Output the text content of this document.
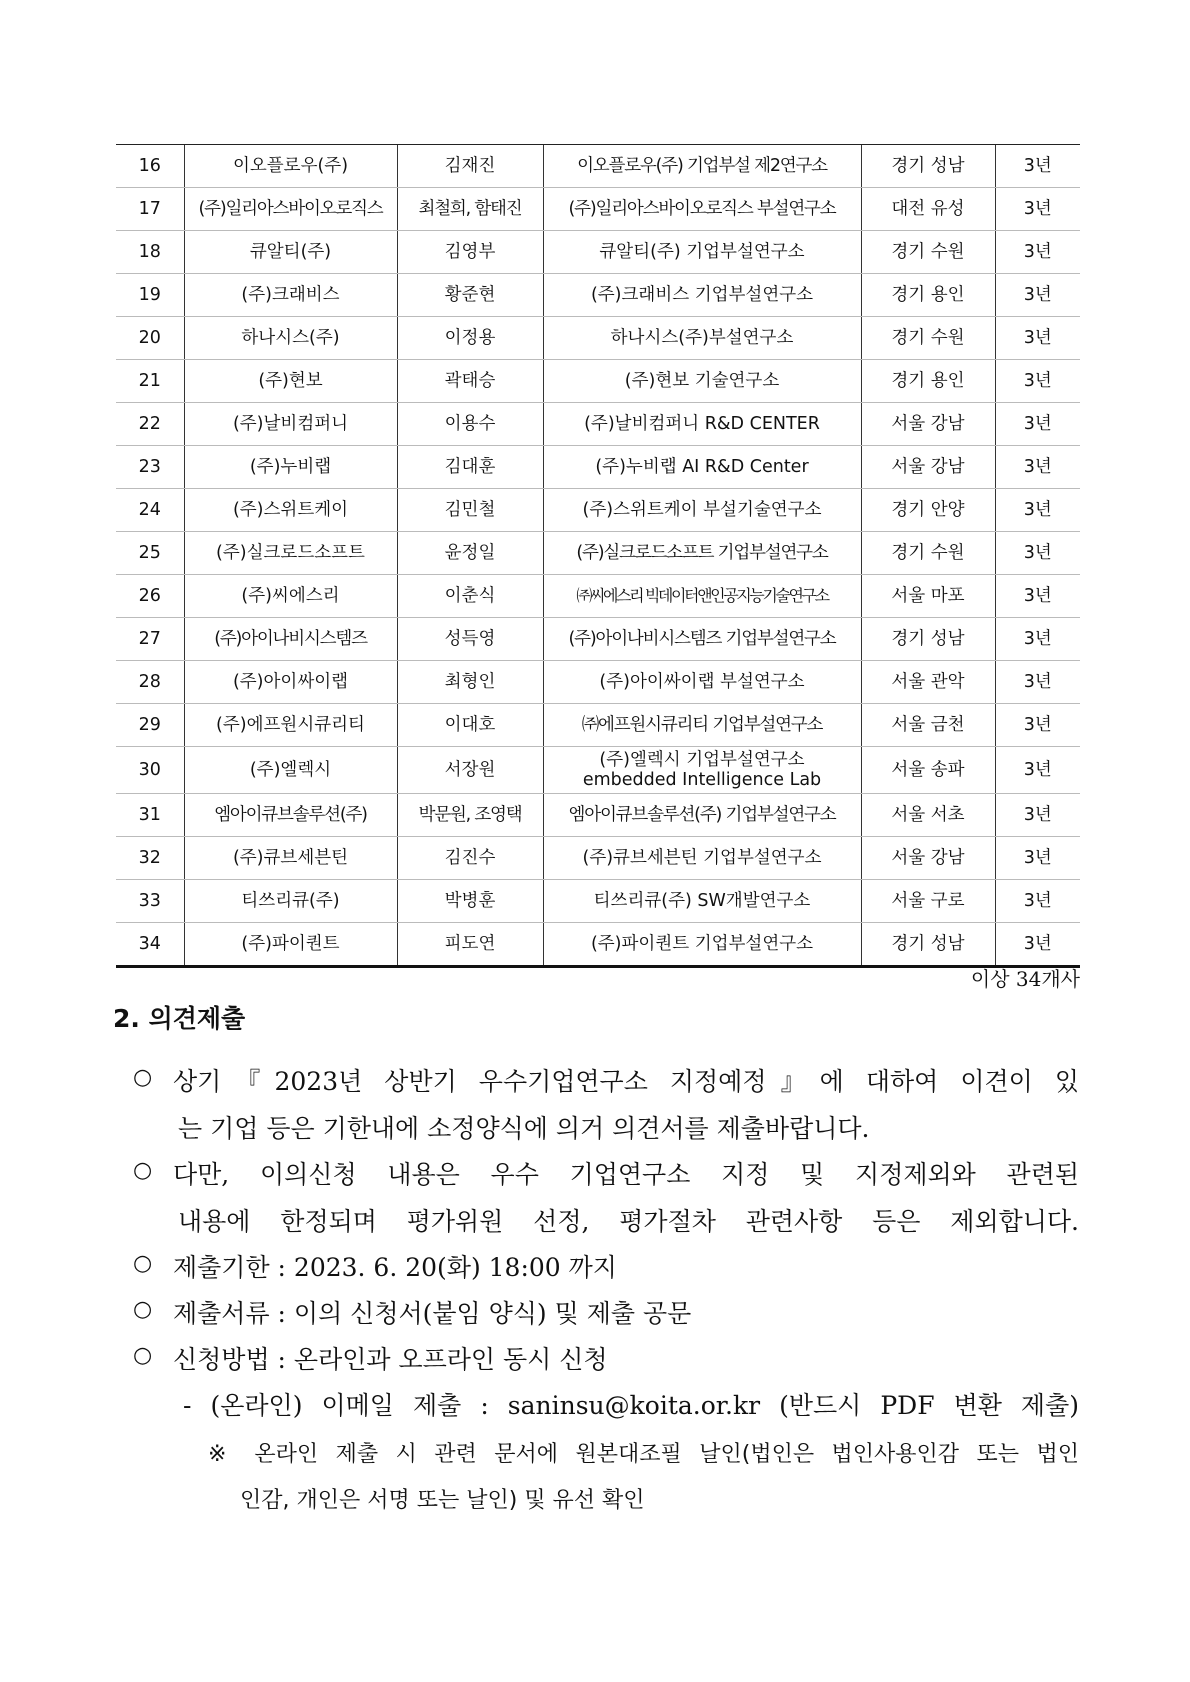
16	이오플로우(주)	김재진	이오플로우(주) 기업부설 제2연구소	경기 성남	3년
17	(주)일리아스바이오로직스	최철희, 함태진	(주)일리아스바이오로직스 부설연구소	대전 유성	3년
18	큐알티(주)	김영부	큐알티(주) 기업부설연구소	경기 수원	3년
19	(주)크래비스	황준현	(주)크래비스 기업부설연구소	경기 용인	3년
20	하나시스(주)	이정용	하나시스(주)부설연구소	경기 수원	3년
21	(주)현보	곽태승	(주)현보 기술연구소	경기 용인	3년
22	(주)날비컴퍼니	이용수	(주)날비컴퍼니 R&D CENTER	서울 강남	3년
23	(주)누비랩	김대훈	(주)누비랩 AI R&D Center	서울 강남	3년
24	(주)스위트케이	김민철	(주)스위트케이 부설기술연구소	경기 안양	3년
25	(주)실크로드소프트	윤정일	(주)실크로드소프트 기업부설연구소	경기 수원	3년
26	(주)씨에스리	이춘식	㈜씨에스리 빅데이터앤인공지능기술연구소	서울 마포	3년
27	(주)아이나비시스템즈	성득영	(주)아이나비시스템즈 기업부설연구소	경기 성남	3년
28	(주)아이싸이랩	최형인	(주)아이싸이랩 부설연구소	서울 관악	3년
29	(주)에프원시큐리티	이대호	㈜에프원시큐리티 기업부설연구소	서울 금천	3년
30	(주)엘렉시	서장원	(주)엘렉시 기업부설연구소
embedded Intelligence Lab	서울 송파	3년
31	엠아이큐브솔루션(주)	박문원, 조영택	엠아이큐브솔루션(주) 기업부설연구소	서울 서초	3년
32	(주)큐브세븐틴	김진수	(주)큐브세븐틴 기업부설연구소	서울 강남	3년
33	티쓰리큐(주)	박병훈	티쓰리큐(주) SW개발연구소	서울 구로	3년
34	(주)파이퀀트	피도연	(주)파이퀀트 기업부설연구소	경기 성남	3년
이상 34개사
2. 의견제출
○ 상기『2023년 상반기 우수기업연구소 지정예정』에 대하여 이견이 있
는 기업 등은 기한내에 소정양식에 의거 의견서를 제출바랍니다.
○ 다만, 이의신청 내용은 우수 기업연구소 지정 및 지정제외와 관련된
내용에 한정되며 평가위원 선정, 평가절차 관련사항 등은 제외합니다.
○ 제출기한 : 2023. 6. 20(화) 18:00 까지
○ 제출서류 : 이의 신청서(붙임 양식) 및 제출 공문
○ 신청방법 : 온라인과 오프라인 동시 신청
- (온라인) 이메일 제출 : saninsu@koita.or.kr (반드시 PDF 변환 제출)
※ 온라인 제출 시 관련 문서에 원본대조필 날인(법인은 법인사용인감 또는 법인
인감, 개인은 서명 또는 날인) 및 유선 확인
